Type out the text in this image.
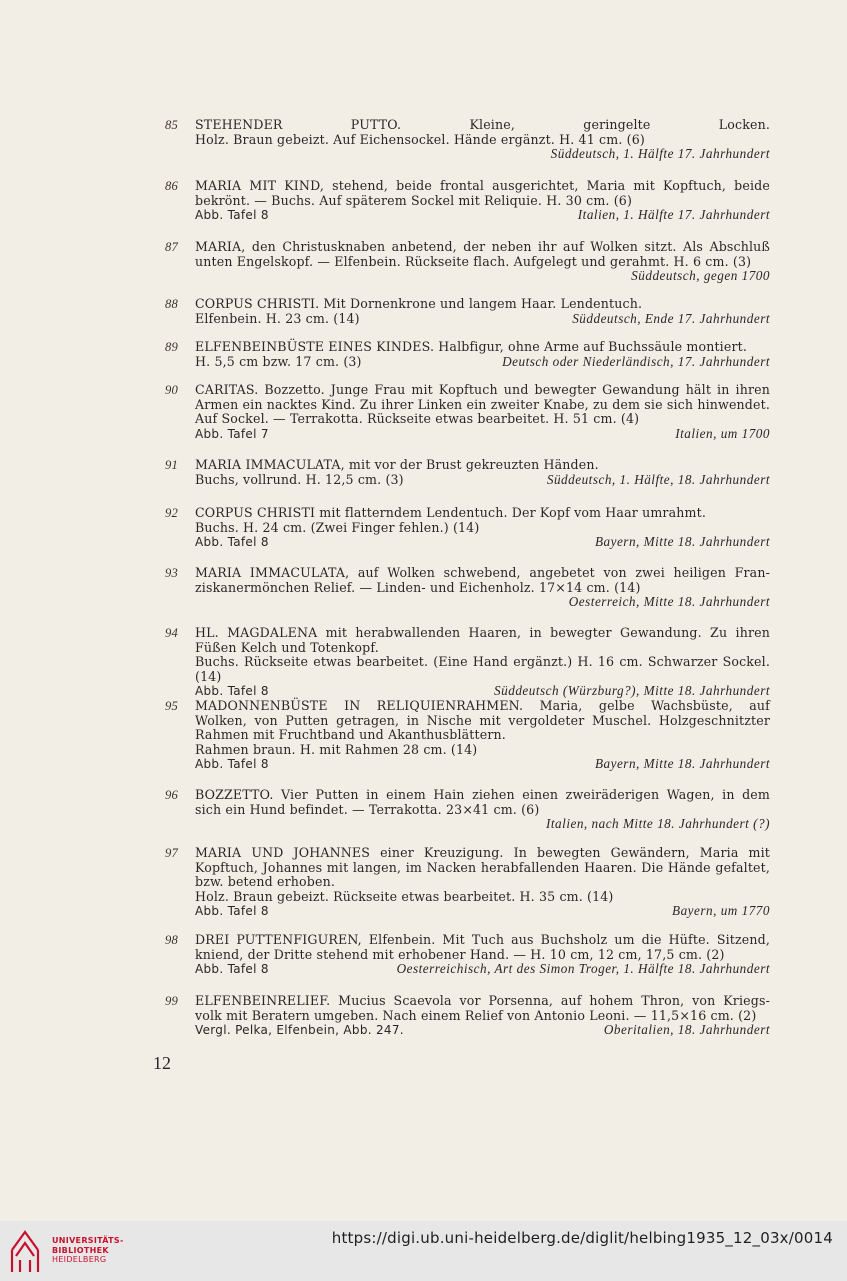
85 STEHENDER PUTTO. Kleine, geringelte Locken.
Holz. Braun gebeizt. Auf Eichensockel. Hände ergänzt. H. 41 cm. (6)
Süddeutsch, 1. Hälfte 17. Jahrhundert
86 MARIA MIT KIND, stehend, beide frontal ausgerichtet, Maria mit Kopftuch, beide
bekrönt. — Buchs. Auf späterem Sockel mit Reliquie. H. 30 cm. (6)
Abb. Tafel 8	Italien, 1. Hälfte 17. Jahrhundert
87 MARIA, den Christusknaben anbetend, der neben ihr auf Wolken sitzt. Als Abschluß
unten Engelskopf. — Elfenbein. Rückseite flach. Aufgelegt und gerahmt. H. 6 cm. (3)
Süddeutsch, gegen 1700
88 CORPUS CHRISTI. Mit Dornenkrone und langem Haar. Lendentuch.
Elfenbein. H. 23 cm. (14)	Süddeutsch, Ende 17. Jahrhundert
89 ELFENBEINBÜSTE EINES KINDES. Halbfigur, ohne Arme auf Buchssäule montiert.
H. 5,5 cm bzw. 17 cm. (3)	Deutsch oder Niederländisch, 17. Jahrhundert
90 CARITAS. Bozzetto. Junge Frau mit Kopftuch und bewegter Gewandung hält in ihren
Armen ein nacktes Kind. Zu ihrer Linken ein zweiter Knabe, zu dem sie sich hinwendet.
Auf Sockel. — Terrakotta. Rückseite etwas bearbeitet. H. 51 cm. (4)
Abb. Tafel 7	Italien, um 1700
91 MARIA IMMACULATA, mit vor der Brust gekreuzten Händen.
Buchs, vollrund. H. 12,5 cm. (3)	Süddeutsch, 1. Hälfte, 18. Jahrhundert
92 CORPUS CHRISTI mit flatterndem Lendentuch. Der Kopf vom Haar umrahmt.
Buchs. H. 24 cm. (Zwei Finger fehlen.) (14)
Abb. Tafel 8	Bayern, Mitte 18. Jahrhundert
93 MARIA IMMACULATA, auf Wolken schwebend, angebetet von zwei heiligen Fran-
ziskanermönchen Relief. — Linden- und Eichenholz. 17×14 cm. (14)
Oesterreich, Mitte 18. Jahrhundert
94 HL. MAGDALENA mit herabwallenden Haaren, in bewegter Gewandung. Zu ihren
Füßen Kelch und Totenkopf.
Buchs. Rückseite etwas bearbeitet. (Eine Hand ergänzt.) H. 16 cm. Schwarzer Sockel. (14)
Abb. Tafel 8	Süddeutsch (Würzburg?), Mitte 18. Jahrhundert
95 MADONNENBÜSTE IN RELIQUIENRAHMEN. Maria, gelbe Wachsbüste, auf
Wolken, von Putten getragen, in Nische mit vergoldeter Muschel. Holzgeschnitzter
Rahmen mit Fruchtband und Akanthusblättern.
Rahmen braun. H. mit Rahmen 28 cm. (14)
Abb. Tafel 8	Bayern, Mitte 18. Jahrhundert
96 BOZZETTO. Vier Putten in einem Hain ziehen einen zweiräderigen Wagen, in dem
sich ein Hund befindet. — Terrakotta. 23×41 cm. (6)
Italien, nach Mitte 18. Jahrhundert (?)
97 MARIA UND JOHANNES einer Kreuzigung. In bewegten Gewändern, Maria mit
Kopftuch, Johannes mit langen, im Nacken herabfallenden Haaren. Die Hände gefaltet,
bzw. betend erhoben.
Holz. Braun gebeizt. Rückseite etwas bearbeitet. H. 35 cm. (14)
Abb. Tafel 8	Bayern, um 1770
98 DREI PUTTENFIGUREN, Elfenbein. Mit Tuch aus Buchsholz um die Hüfte. Sitzend,
kniend, der Dritte stehend mit erhobener Hand. — H. 10 cm, 12 cm, 17,5 cm. (2)
Abb. Tafel 8	Oesterreichisch, Art des Simon Troger, 1. Hälfte 18. Jahrhundert
99 ELFENBEINRELIEF. Mucius Scaevola vor Porsenna, auf hohem Thron, von Kriegs-
volk mit Beratern umgeben. Nach einem Relief von Antonio Leoni. — 11,5×16 cm. (2)
Vergl. Pelka, Elfenbein, Abb. 247.	Oberitalien, 18. Jahrhundert
12
UNIVERSITÄTS-
BIBLIOTHEK
HEIDELBERG
https://digi.ub.uni-heidelberg.de/diglit/helbing1935_12_03x/0014
